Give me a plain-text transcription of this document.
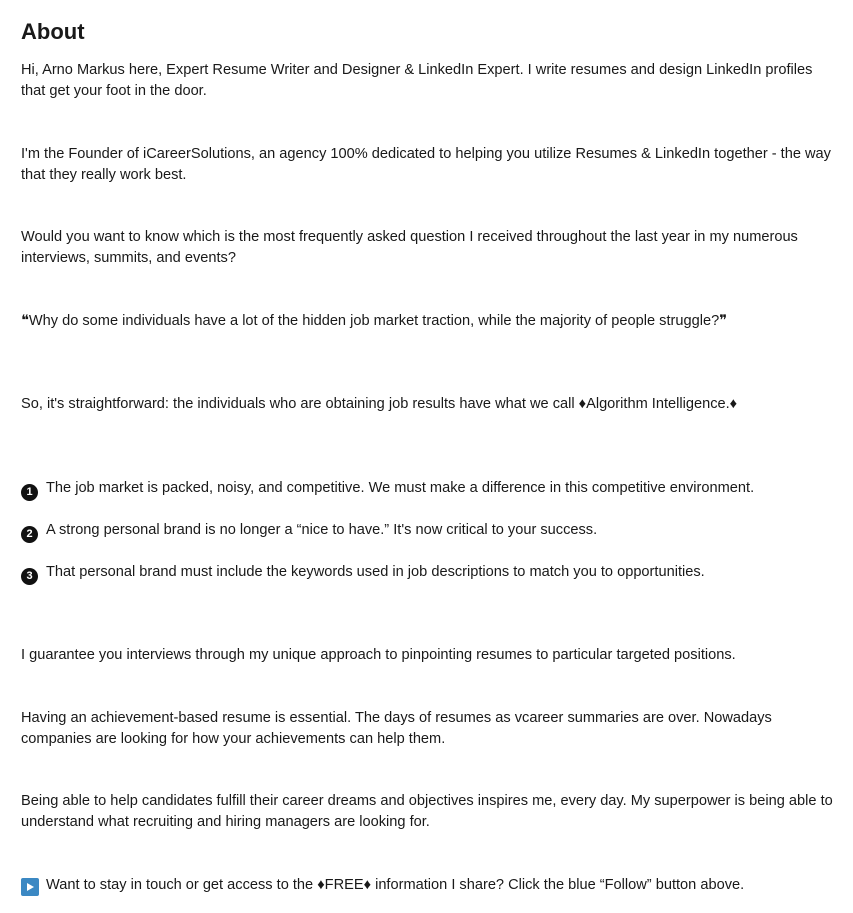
About

Hi, Arno Markus here, Expert Resume Writer and Designer & LinkedIn Expert. I write resumes and design LinkedIn profiles that get your foot in the door.

I'm the Founder of iCareerSolutions, an agency 100% dedicated to helping you utilize Resumes & LinkedIn together - the way that they really work best.

Would you want to know which is the most frequently asked question I received throughout the last year in my numerous interviews, summits, and events?

❝Why do some individuals have a lot of the hidden job market traction, while the majority of people struggle?❞

So, it's straightforward: the individuals who are obtaining job results have what we call ♦Algorithm Intelligence.♦

1 The job market is packed, noisy, and competitive. We must make a difference in this competitive environment.

2 A strong personal brand is no longer a “nice to have.” It's now critical to your success.

3 That personal brand must include the keywords used in job descriptions to match you to opportunities.

I guarantee you interviews through my unique approach to pinpointing resumes to particular targeted positions.

Having an achievement-based resume is essential. The days of resumes as vcareer summaries are over. Nowadays companies are looking for how your achievements can help them.

Being able to help candidates fulfill their career dreams and objectives inspires me, every day. My superpower is being able to understand what recruiting and hiring managers are looking for.

Want to stay in touch or get access to the ♦FREE♦ information I share? Click the blue “Follow” button above.
